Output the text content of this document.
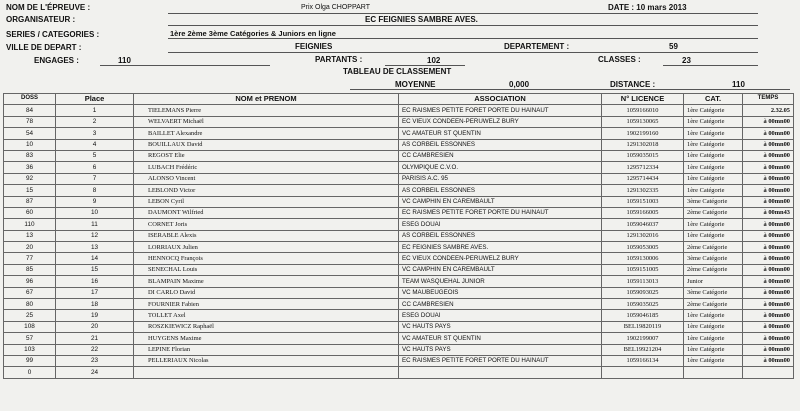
NOM DE L'ÉPREUVE :	Prix Olga CHOPPART	DATE : 10 mars 2013
ORGANISATEUR :	EC FEIGNIES SAMBRE AVES.
SERIES / CATEGORIES :	1ère 2ème 3ème Catégories & Juniors en ligne
VILLE DE DEPART :	FEIGNIES	DEPARTEMENT :	59
ENGAGES :	110	PARTANTS :	102	CLASSES :	23
TABLEAU DE CLASSEMENT
MOYENNE	0,000	DISTANCE :	110
DOSS	Place	NOM et PRENOM	ASSOCIATION	N° LICENCE	CAT.	TEMPS
84	1	TIELEMANS Pierre	EC RAISMES PETITE FORET PORTE DU HAINAUT	1059166010	1ère Catégorie	2.32.05
78	2	WELVAERT Michaël	EC VIEUX CONDEEN-PERUWELZ BURY	1059130065	1ère Catégorie	à 00mn00
54	3	BAILLET Alexandre	VC AMATEUR ST QUENTIN	1902199160	1ère Catégorie	à 00mn00
10	4	BOUILLAUX David	AS CORBEIL ESSONNES	1291302018	1ère Catégorie	à 00mn00
83	5	REGOST Elie	CC CAMBRESIEN	1059035015	1ère Catégorie	à 00mn00
36	6	LUBACH Frédéric	OLYMPIQUE C.V.O.	1295712334	1ère Catégorie	à 00mn00
92	7	ALONSO Vincent	PARISIS A.C. 95	1295714434	1ère Catégorie	à 00mn00
15	8	LEBLOND Victor	AS CORBEIL ESSONNES	1291302335	1ère Catégorie	à 00mn00
87	9	LEBON Cyril	VC CAMPHIN EN CAREMBAULT	1059151003	3ème Catégorie	à 00mn00
60	10	DAUMONT Wilfried	EC RAISMES PETITE FORET PORTE DU HAINAUT	1059166005	2ème Catégorie	à 00mn43
110	11	CORNET Joris	ESEG DOUAI	1059046037	1ère Catégorie	à 00mn00
13	12	ISERABLE Alexis	AS CORBEIL ESSONNES	1291302016	1ère Catégorie	à 00mn00
20	13	LORRIAUX Julien	EC FEIGNIES SAMBRE AVES.	1059053005	2ème Catégorie	à 00mn00
77	14	HENNOCQ François	EC VIEUX CONDEEN-PERUWELZ BURY	1059130006	3ème Catégorie	à 00mn00
85	15	SENECHAL Louis	VC CAMPHIN EN CAREMBAULT	1059151005	2ème Catégorie	à 00mn00
96	16	BLAMPAIN Maxime	TEAM WASQUEHAL JUNIOR	1059113013	Junior	à 00mn00
67	17	DI CARLO David	VC MAUBEUGEOIS	1059093025	3ème Catégorie	à 00mn00
80	18	FOURNIER Fabien	CC CAMBRESIEN	1059035025	2ème Catégorie	à 00mn00
25	19	TOLLET Axel	ESEG DOUAI	1059046185	1ère Catégorie	à 00mn00
108	20	ROSZKIEWICZ Raphaël	VC HAUTS PAYS	BEL19820119	1ère Catégorie	à 00mn00
57	21	HUYGENS Maxime	VC AMATEUR ST QUENTIN	1902199007	1ère Catégorie	à 00mn00
103	22	LEPINE Florian	VC HAUTS PAYS	BEL19921204	1ère Catégorie	à 00mn00
99	23	PELLERIAUX Nicolas	EC RAISMES PETITE FORET PORTE DU HAINAUT	1059166134	1ère Catégorie	à 00mn00
0	24					
